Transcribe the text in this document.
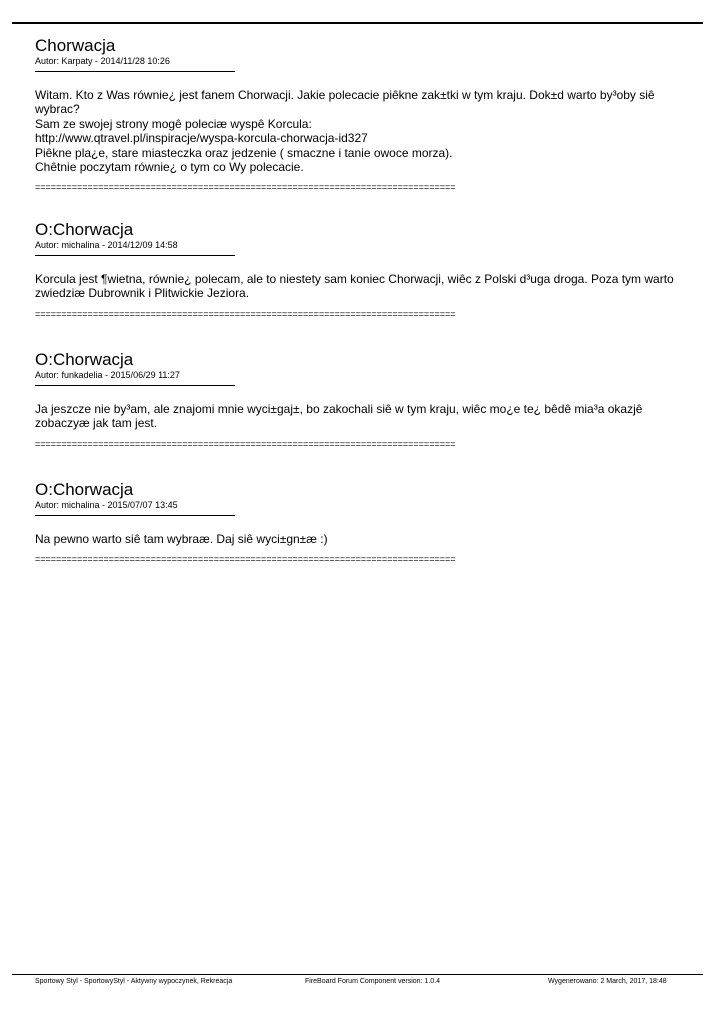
Chorwacja

Autor: Karpaty - 2014/11/28 10:26

Witam. Kto z Was równie¿ jest fanem Chorwacji. Jakie polecacie piêkne zak±tki w tym kraju. Dok±d warto by³oby siê wybrac?
Sam ze swojej strony mogê poleciæ wyspê Korcula:
http://www.qtravel.pl/inspiracje/wyspa-korcula-chorwacja-id327
Piêkne pla¿e, stare miasteczka oraz jedzenie ( smaczne i tanie owoce morza).
Chêtnie poczytam równie¿ o tym co Wy polecacie.
================================================================================
O:Chorwacja

Autor: michalina - 2014/12/09 14:58

Korcula jest ¶wietna, równie¿ polecam, ale to niestety sam koniec Chorwacji, wiêc z Polski d³uga droga. Poza tym warto zwiedziæ Dubrownik i Plitwickie Jeziora.
================================================================================
O:Chorwacja

Autor: funkadelia - 2015/06/29 11:27

Ja jeszcze nie by³am, ale znajomi mnie wyci±gaj±, bo zakochali siê w tym kraju, wiêc mo¿e te¿ bêdê mia³a okazjê zobaczyæ jak tam jest.
================================================================================
O:Chorwacja

Autor: michalina - 2015/07/07 13:45

Na pewno warto siê tam wybraæ. Daj siê wyci±gn±æ :)
================================================================================
Sportowy Styl - SportowyStyl - Aktywny wypoczynek, Rekreacja	FireBoard Forum Component version: 1.0.4	Wygenerowano: 2 March, 2017, 18:48
